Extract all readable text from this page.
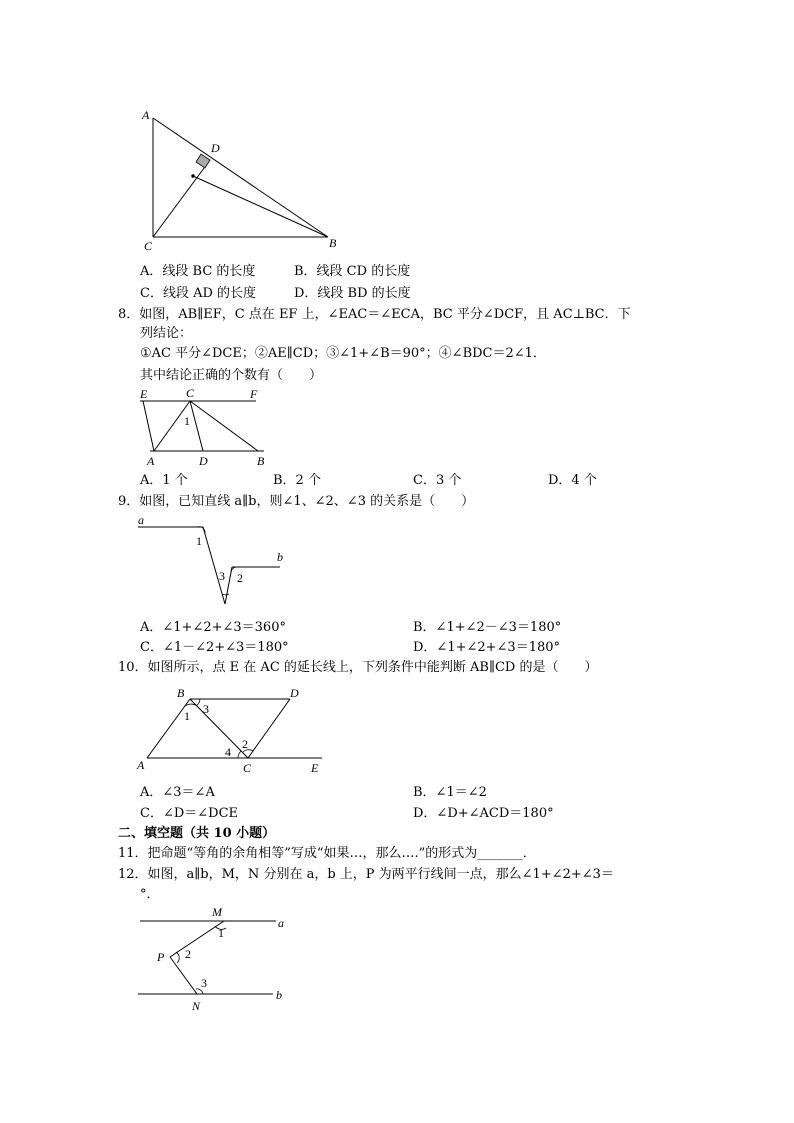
A
D
C	B
A．线段 BC 的长度	B．线段 CD 的长度
C．线段 AD 的长度	D．线段 BD 的长度
8．如图，AB∥EF，C 点在 EF 上，∠EAC＝∠ECA，BC 平分∠DCF，且 AC⊥BC．下
列结论：
①AC 平分∠DCE；②AE∥CD；③∠1+∠B＝90°；④∠BDC＝2∠1．
其中结论正确的个数有（　　）
E	C	F
1
A	D	B
A．1 个	B．2 个	C．3 个	D．4 个
9．如图，已知直线 a∥b，则∠1、∠2、∠3 的关系是（　　）
a
b
1
3 2
A．∠1+∠2+∠3＝360°	B．∠1+∠2－∠3＝180°
C．∠1－∠2+∠3＝180°	D．∠1+∠2+∠3＝180°
10．如图所示，点 E 在 AC 的延长线上，下列条件中能判断 AB∥CD 的是（　　）
B	D
1 3
4
2
A	C	E
A．∠3＝∠A	B．∠1＝∠2
C．∠D＝∠DCE	D．∠D+∠ACD＝180°
二、填空题（共 10 小题）
11．把命题“等角的余角相等”写成“如果…，那么….”的形式为_______．
12．如图，a∥b，M，N 分别在 a，b 上，P 为两平行线间一点，那么∠1+∠2+∠3＝
°．
M
a
1
P 2
3
b
N
